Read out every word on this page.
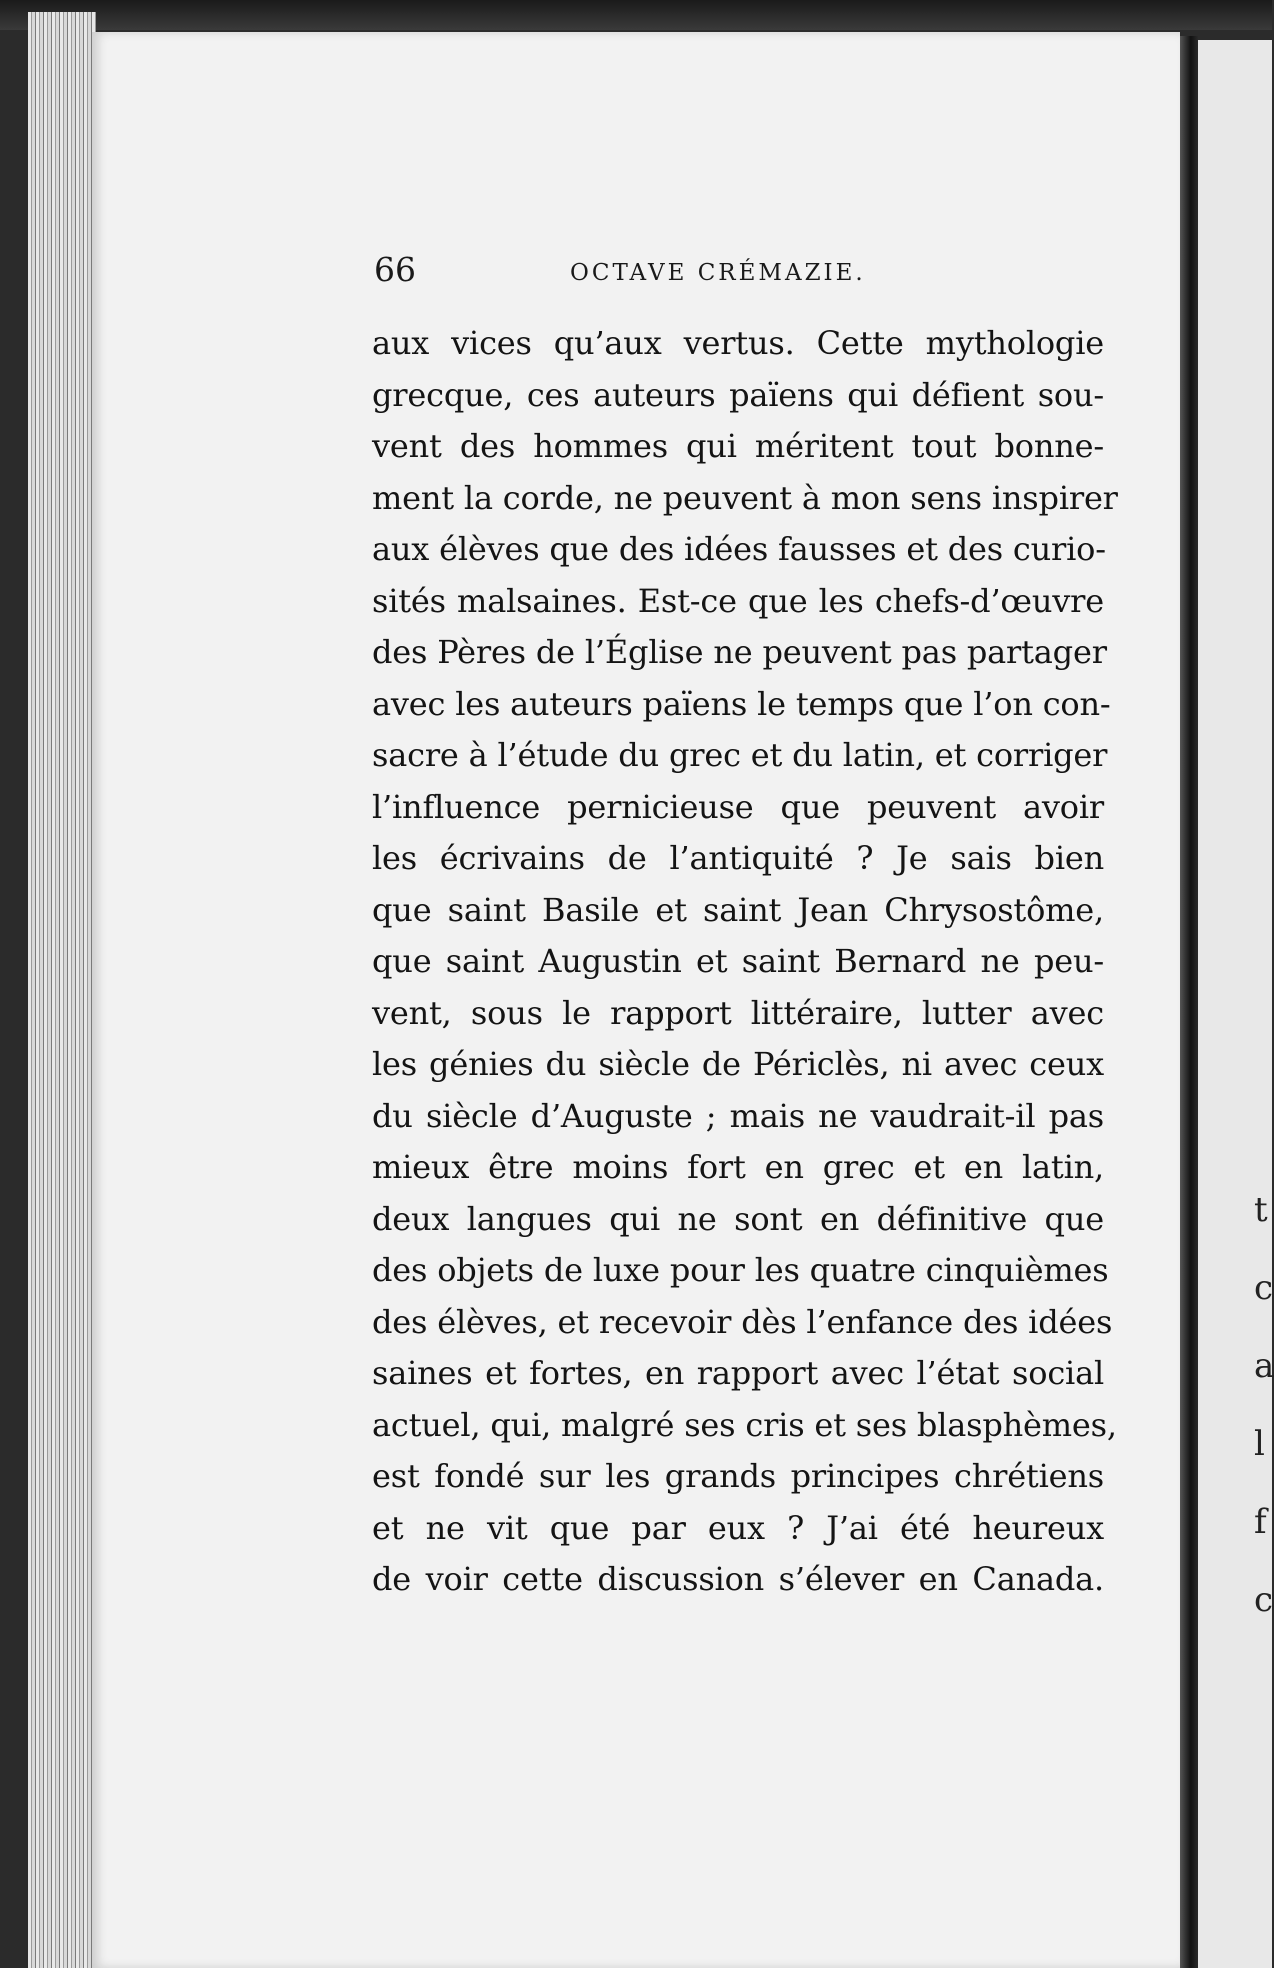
66	OCTAVE CRÉMAZIE.
aux vices qu’aux vertus. Cette mythologie
grecque, ces auteurs païens qui défient sou-
vent des hommes qui méritent tout bonne-
ment la corde, ne peuvent à mon sens inspirer
aux élèves que des idées fausses et des curio-
sités malsaines. Est-ce que les chefs-d’œuvre
des Pères de l’Église ne peuvent pas partager
avec les auteurs païens le temps que l’on con-
sacre à l’étude du grec et du latin, et corriger
l’influence pernicieuse que peuvent avoir
les écrivains de l’antiquité ? Je sais bien
que saint Basile et saint Jean Chrysostôme,
que saint Augustin et saint Bernard ne peu-
vent, sous le rapport littéraire, lutter avec
les génies du siècle de Périclès, ni avec ceux
du siècle d’Auguste ; mais ne vaudrait-il pas
mieux être moins fort en grec et en latin,
deux langues qui ne sont en définitive que
des objets de luxe pour les quatre cinquièmes
des élèves, et recevoir dès l’enfance des idées
saines et fortes, en rapport avec l’état social
actuel, qui, malgré ses cris et ses blasphèmes,
est fondé sur les grands principes chrétiens
et ne vit que par eux ? J’ai été heureux
de voir cette discussion s’élever en Canada.
t
c
a
l
f
c
